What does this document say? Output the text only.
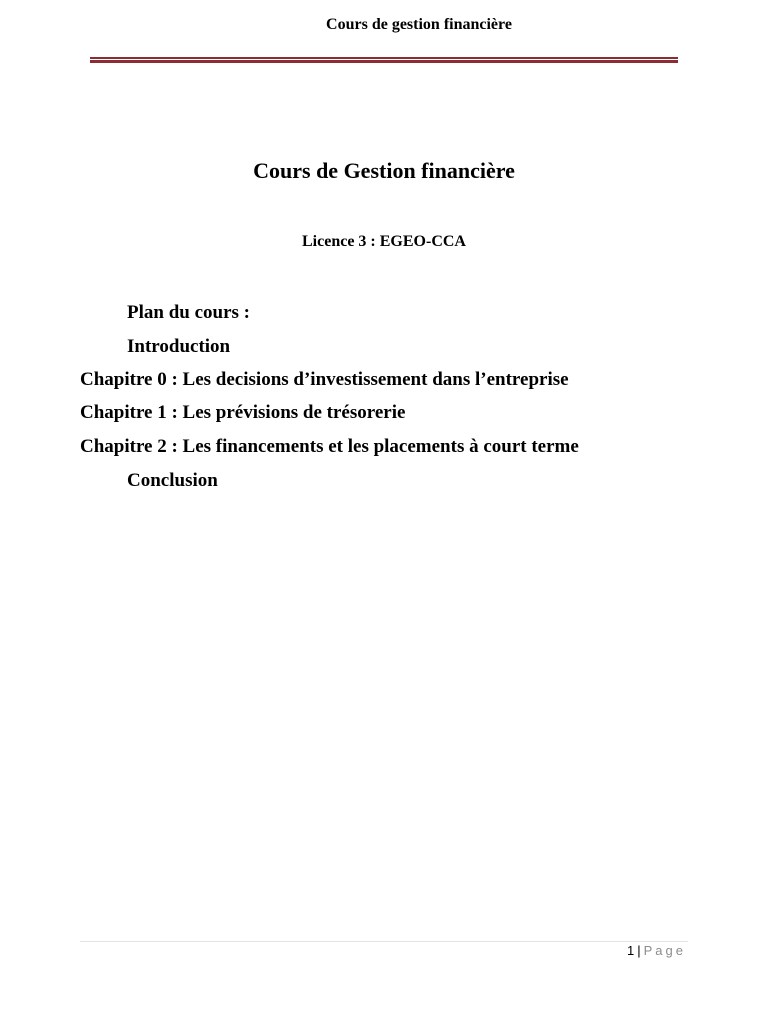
Cours de gestion financière
Cours de Gestion financière
Licence 3 : EGEO-CCA
Plan du cours :
Introduction
Chapitre 0 : Les decisions d’investissement dans l’entreprise
Chapitre 1 : Les prévisions de trésorerie
Chapitre 2 : Les financements et les placements à court terme
Conclusion
1 | Page
